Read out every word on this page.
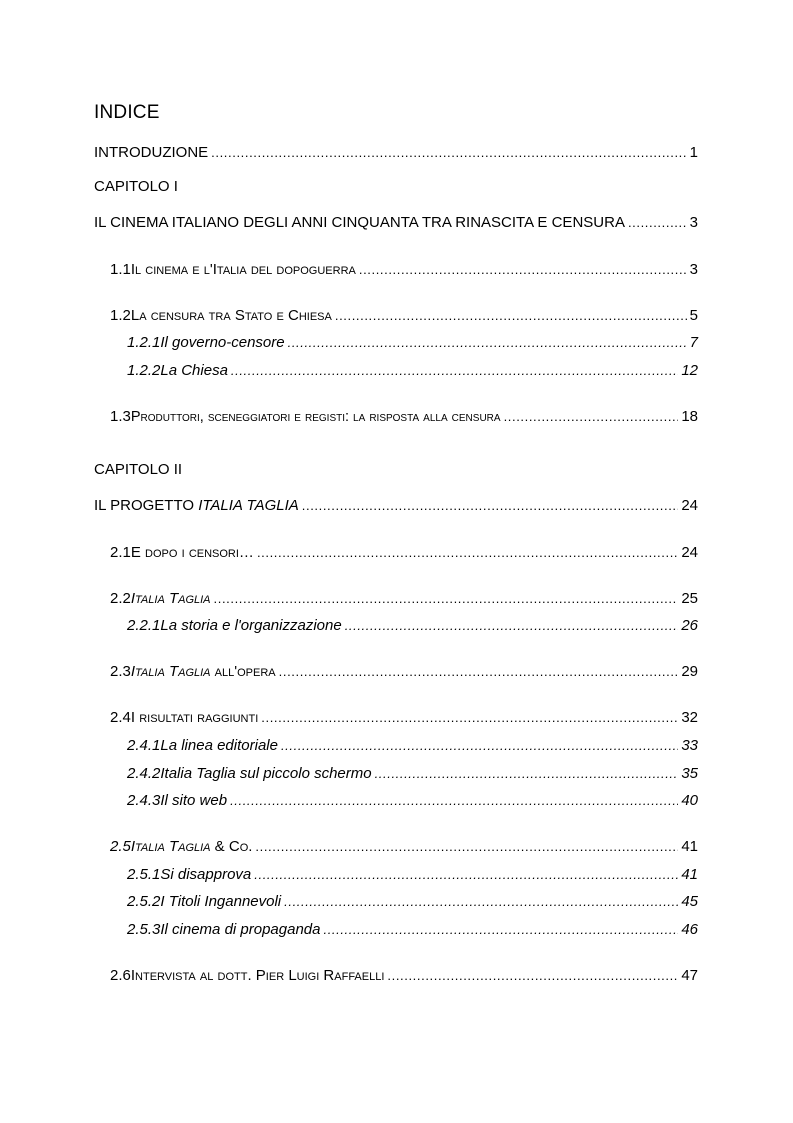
INDICE
INTRODUZIONE .....	1
CAPITOLO I
IL CINEMA ITALIANO DEGLI ANNI CINQUANTA TRA RINASCITA E CENSURA .....	3
1.1 Il cinema e l'Italia del dopoguerra .....	3
1.2 La censura tra Stato e Chiesa .....	5
1.2.1 Il governo-censore .....	7
1.2.2 La Chiesa .....	12
1.3 Produttori, sceneggiatori e registi: la risposta alla censura .....	18
CAPITOLO II
IL PROGETTO ITALIA TAGLIA .....	24
2.1 E dopo i censori… .....	24
2.2 Italia Taglia .....	25
2.2.1 La storia e l'organizzazione .....	26
2.3 Italia Taglia all'opera .....	29
2.4 I risultati raggiunti .....	32
2.4.1 La linea editoriale .....	33
2.4.2 Italia Taglia sul piccolo schermo .....	35
2.4.3 Il sito web .....	40
2.5 Italia Taglia & Co. .....	41
2.5.1 Si disapprova .....	41
2.5.2 I Titoli Ingannevoli .....	45
2.5.3 Il cinema di propaganda .....	46
2.6 Intervista al dott. Pier Luigi Raffaelli .....	47
